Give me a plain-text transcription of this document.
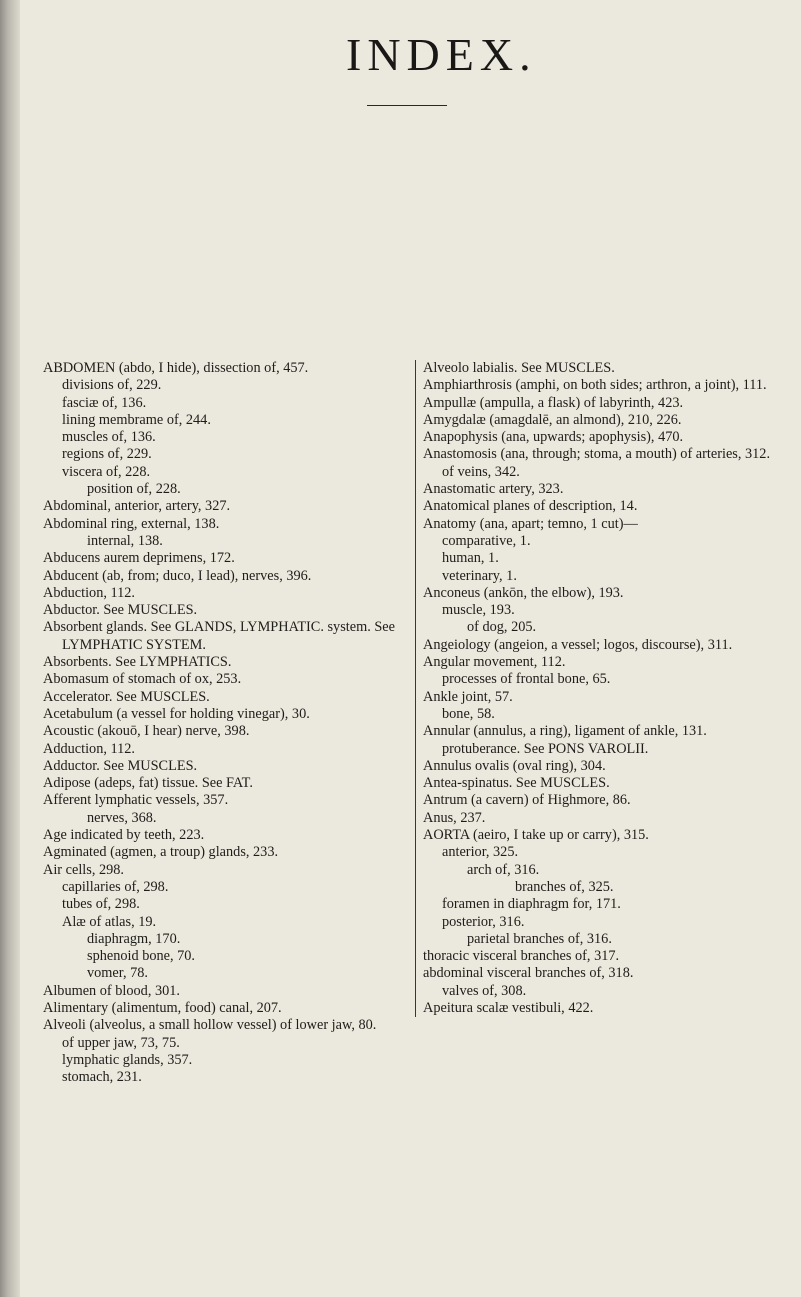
INDEX.

ABDOMEN (abdo, I hide), dissection of, 457.

divisions of, 229.

fasciæ of, 136.

lining membrame of, 244.

muscles of, 136.

regions of, 229.

viscera of, 228.

position of, 228.

Abdominal, anterior, artery, 327.

Abdominal ring, external, 138.

internal, 138.

Abducens aurem deprimens, 172.

Abducent (ab, from; duco, I lead), nerves, 396.

Abduction, 112.

Abductor. See MUSCLES.

Absorbent glands. See GLANDS, LYMPHATIC. system. See LYMPHATIC SYSTEM.

Absorbents. See LYMPHATICS.

Abomasum of stomach of ox, 253.

Accelerator. See MUSCLES.

Acetabulum (a vessel for holding vinegar), 30.

Acoustic (akouō, I hear) nerve, 398.

Adduction, 112.

Adductor. See MUSCLES.

Adipose (adeps, fat) tissue. See FAT.

Afferent lymphatic vessels, 357.

nerves, 368.

Age indicated by teeth, 223.

Agminated (agmen, a troup) glands, 233.

Air cells, 298.

capillaries of, 298.

tubes of, 298.

Alæ of atlas, 19.

diaphragm, 170.

sphenoid bone, 70.

vomer, 78.

Albumen of blood, 301.

Alimentary (alimentum, food) canal, 207.

Alveoli (alveolus, a small hollow vessel) of lower jaw, 80.

of upper jaw, 73, 75.

lymphatic glands, 357.

stomach, 231.

Alveolo labialis. See MUSCLES.

Amphiarthrosis (amphi, on both sides; arthron, a joint), 111.

Ampullæ (ampulla, a flask) of labyrinth, 423.

Amygdalæ (amagdalē, an almond), 210, 226.

Anapophysis (ana, upwards; apophysis), 470.

Anastomosis (ana, through; stoma, a mouth) of arteries, 312.

of veins, 342.

Anastomatic artery, 323.

Anatomical planes of description, 14.

Anatomy (ana, apart; temno, 1 cut)—

comparative, 1.

human, 1.

veterinary, 1.

Anconeus (ankōn, the elbow), 193.

muscle, 193.

of dog, 205.

Angeiology (angeion, a vessel; logos, discourse), 311.

Angular movement, 112.

processes of frontal bone, 65.

Ankle joint, 57.

bone, 58.

Annular (annulus, a ring), ligament of ankle, 131.

protuberance. See PONS VAROLII.

Annulus ovalis (oval ring), 304.

Antea-spinatus. See MUSCLES.

Antrum (a cavern) of Highmore, 86.

Anus, 237.

AORTA (aeiro, I take up or carry), 315.

anterior, 325.

arch of, 316.

branches of, 325.

foramen in diaphragm for, 171.

posterior, 316.

parietal branches of, 316.

thoracic visceral branches of, 317.

abdominal visceral branches of, 318.

valves of, 308.

Apeitura scalæ vestibuli, 422.
